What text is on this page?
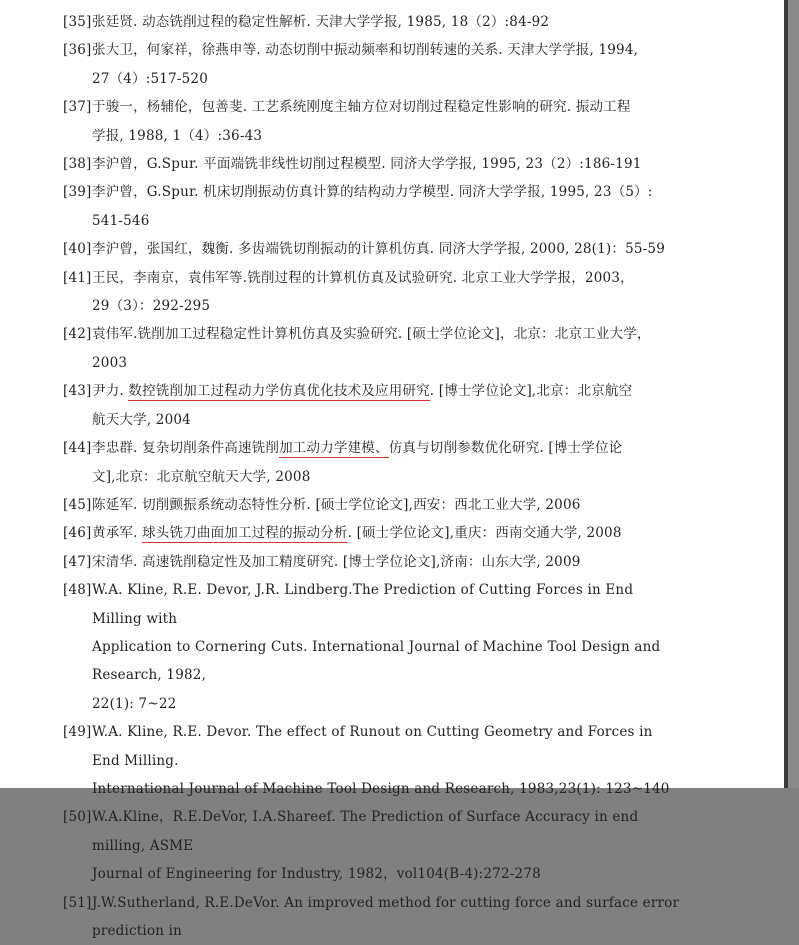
[35] 张廷贤. 动态铣削过程的稳定性解析. 天津大学学报, 1985, 18（2）:84-92
[36] 张大卫，何家祥，徐燕申等. 动态切削中振动频率和切削转速的关系. 天津大学学报, 1994,
27（4）:517-520
[37] 于骏一，杨辅伦，包善斐. 工艺系统刚度主轴方位对切削过程稳定性影响的研究. 振动工程
学报, 1988, 1（4）:36-43
[38] 李沪曾，G.Spur. 平面端铣非线性切削过程模型. 同济大学学报, 1995, 23（2）:186-191
[39] 李沪曾，G.Spur. 机床切削振动仿真计算的结构动力学模型. 同济大学学报, 1995, 23（5）:
541-546
[40] 李沪曾，张国红，魏衡. 多齿端铣切削振动的计算机仿真. 同济大学学报, 2000, 28(1)：55-59
[41] 王民，李南京，袁伟军等.铣削过程的计算机仿真及试验研究. 北京工业大学学报，2003，
29（3）：292-295
[42] 袁伟军.铣削加工过程稳定性计算机仿真及实验研究. [硕士学位论文]，北京：北京工业大学，
2003
[43] 尹力. 数控铣削加工过程动力学仿真优化技术及应用研究. [博士学位论文],北京：北京航空
航天大学, 2004
[44] 李忠群. 复杂切削条件高速铣削加工动力学建模、仿真与切削参数优化研究. [博士学位论
文],北京：北京航空航天大学, 2008
[45] 陈延军. 切削颤振系统动态特性分析. [硕士学位论文],西安：西北工业大学, 2006
[46] 黄承军. 球头铣刀曲面加工过程的振动分析. [硕士学位论文],重庆：西南交通大学, 2008
[47] 宋清华. 高速铣削稳定性及加工精度研究. [博士学位论文],济南：山东大学, 2009
[48] W.A. Kline, R.E. Devor, J.R. Lindberg.The Prediction of Cutting Forces in End Milling with
Application to Cornering Cuts. International Journal of Machine Tool Design and Research, 1982,
22(1): 7~22
[49] W.A. Kline, R.E. Devor. The effect of Runout on Cutting Geometry and Forces in End Milling.
International Journal of Machine Tool Design and Research, 1983,23(1): 123~140
[50] W.A.Kline，R.E.DeVor, I.A.Shareef. The Prediction of Surface Accuracy in end milling, ASME
Journal of Engineering for Industry, 1982，vol104(B-4):272-278
[51] J.W.Sutherland, R.E.DeVor. An improved method for cutting force and surface error prediction in
